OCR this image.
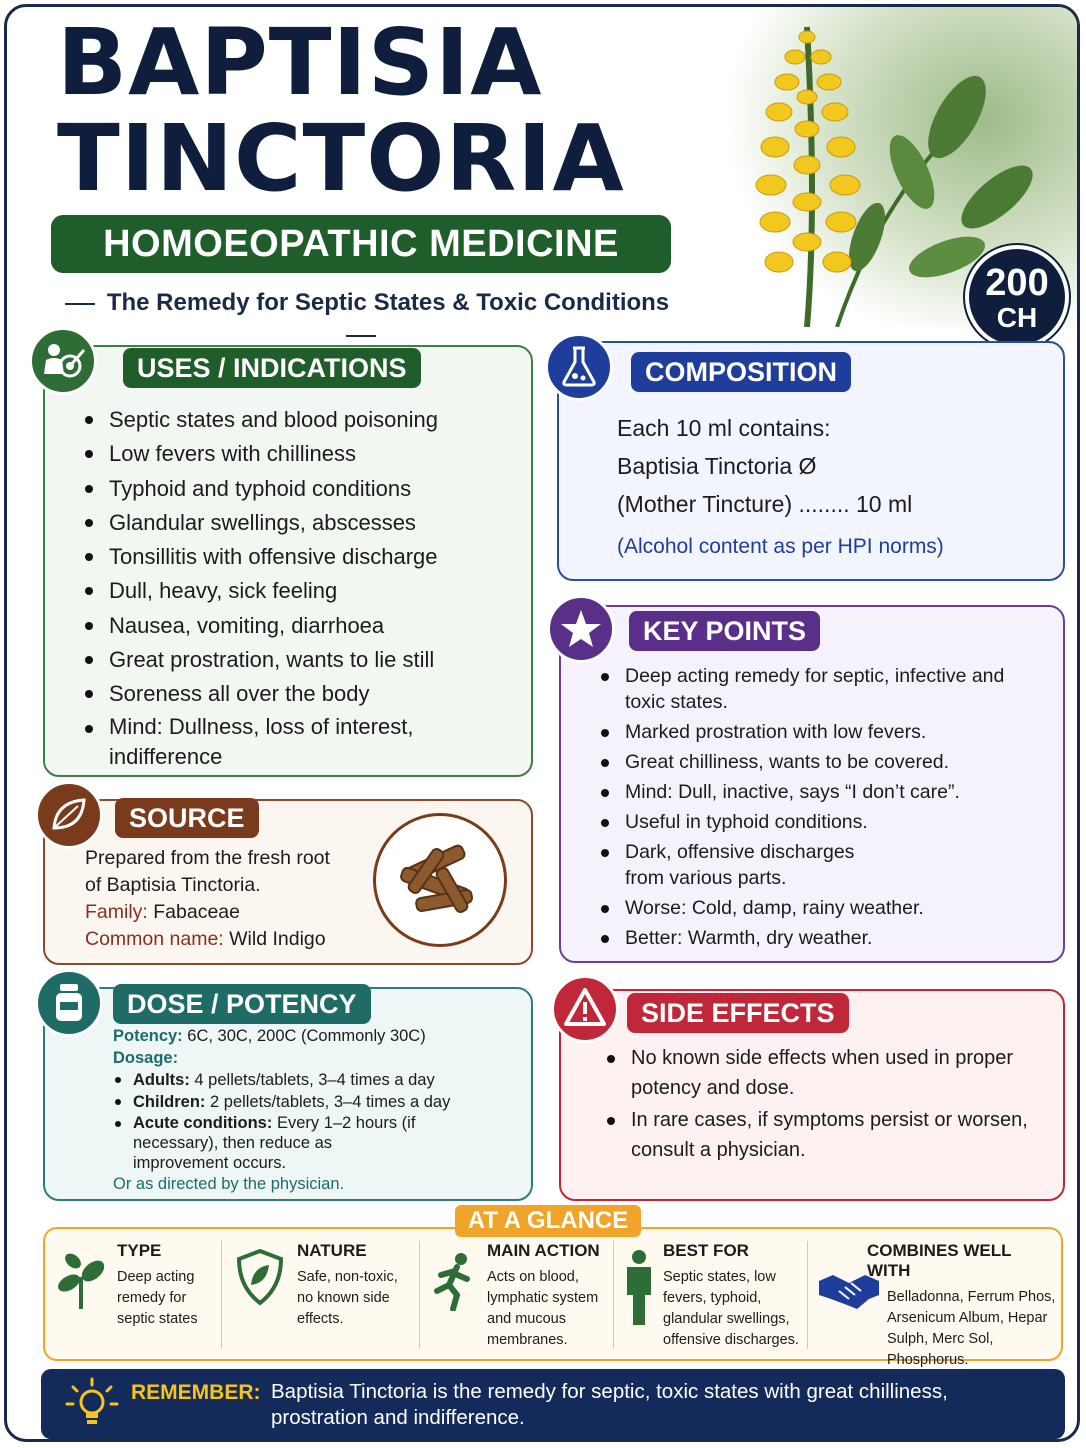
BAPTISIA
TINCTORIA
HOMOEOPATHIC MEDICINE
The Remedy for Septic States & Toxic Conditions	200
CH
Septic states and blood poisoning
Low fevers with chilliness
Typhoid and typhoid conditions
Glandular swellings, abscesses
Tonsillitis with offensive discharge
Dull, heavy, sick feeling
Nausea, vomiting, diarrhoea
Great prostration, wants to lie still
Soreness all over the body
Mind: Dullness, loss of interest, indifference
USES / INDICATIONS
Prepared from the fresh root
of Baptisia Tinctoria.
Family: Fabaceae
Common name: Wild Indigo
SOURCE
Potency: 6C, 30C, 200C (Commonly 30C)
Dosage:
Adults: 4 pellets/tablets, 3–4 times a day
Children: 2 pellets/tablets, 3–4 times a day
Acute conditions: Every 1–2 hours (if necessary), then reduce as improvement occurs.
Or as directed by the physician.
DOSE / POTENCY
Each 10 ml contains:
Baptisia Tinctoria Ø
(Mother Tincture) ........ 10 ml
(Alcohol content as per HPI norms)
COMPOSITION
Deep acting remedy for septic, infective and toxic states.
Marked prostration with low fevers.
Great chilliness, wants to be covered.
Mind: Dull, inactive, says “I don’t care”.
Useful in typhoid conditions.
Dark, offensive discharges from various parts.
Worse: Cold, damp, rainy weather.
Better: Warmth, dry weather.
KEY POINTS
No known side effects when used in proper potency and dose.
In rare cases, if symptoms persist or worsen, consult a physician.
SIDE EFFECTS
AT A GLANCE
TYPE
Deep acting remedy for septic states
NATURE
Safe, non-toxic, no known side effects.
MAIN ACTION
Acts on blood, lymphatic system and mucous membranes.
BEST FOR
Septic states, low fevers, typhoid, glandular swellings, offensive discharges.
COMBINES WELL WITH
Belladonna, Ferrum Phos, Arsenicum Album, Hepar Sulph, Merc Sol, Phosphorus.
REMEMBER: Baptisia Tinctoria is the remedy for septic, toxic states with great chilliness, prostration and indifference.
